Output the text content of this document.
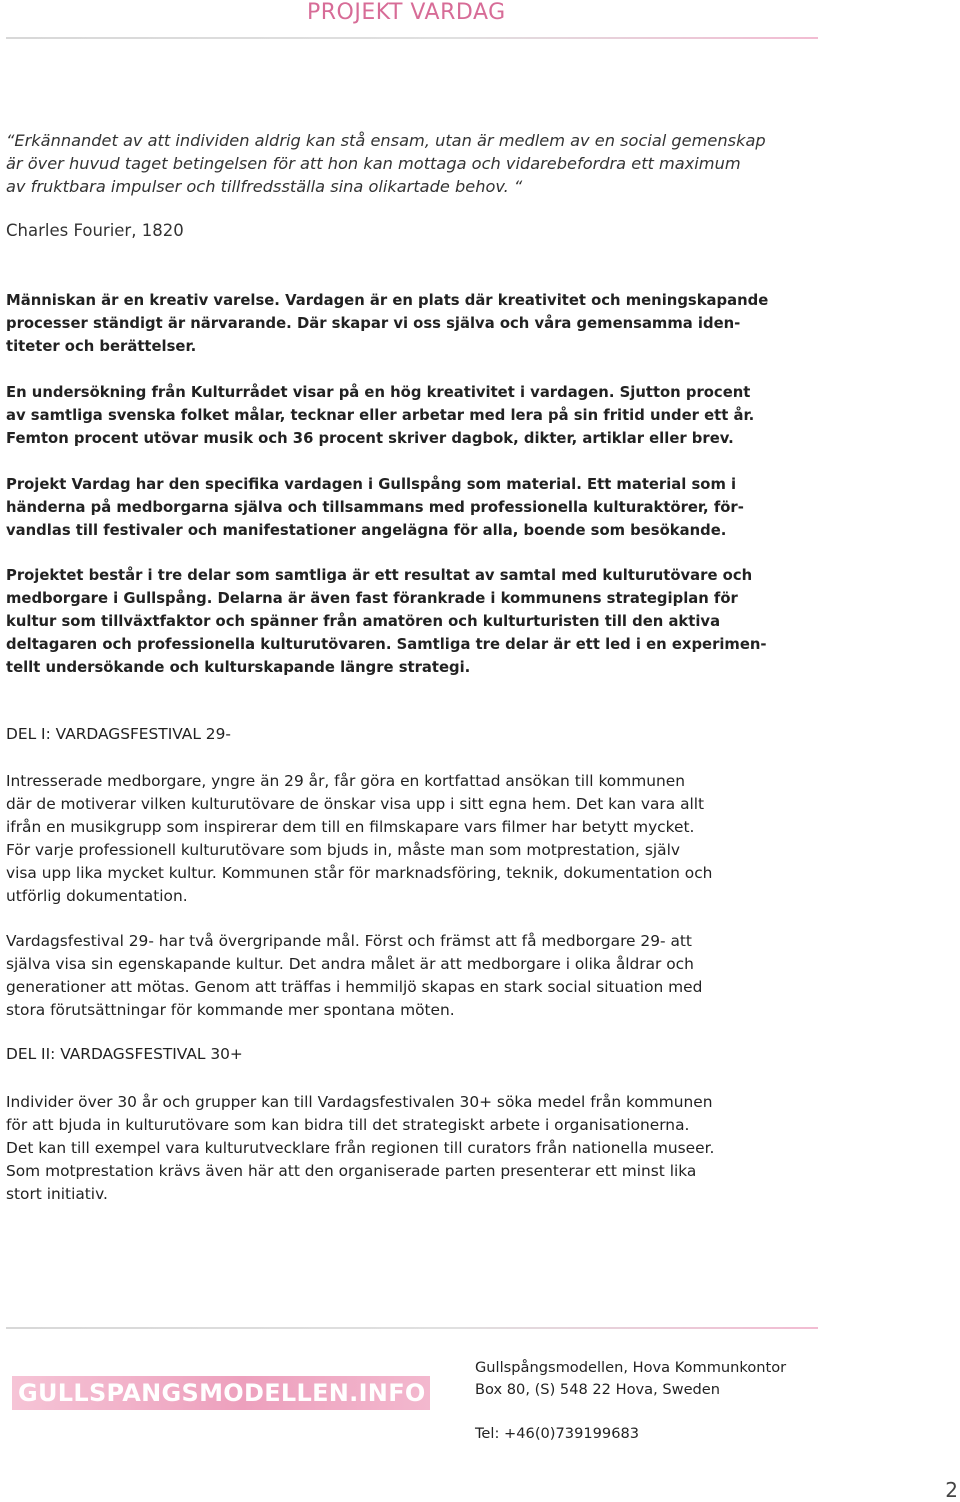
PROJEKT VARDAG
“Erkännandet av att individen aldrig kan stå ensam, utan är medlem av en social gemenskap
är över huvud taget betingelsen för att hon kan mottaga och vidarebefordra ett maximum
av fruktbara impulser och tillfredsställa sina olikartade behov. “
Charles Fourier, 1820
Människan är en kreativ varelse. Vardagen är en plats där kreativitet och meningskapande
processer ständigt är närvarande. Där skapar vi oss själva och våra gemensamma iden-
titeter och berättelser.
En undersökning från Kulturrådet visar på en hög kreativitet i vardagen. Sjutton procent
av samtliga svenska folket målar, tecknar eller arbetar med lera på sin fritid under ett år.
Femton procent utövar musik och 36 procent skriver dagbok, dikter, artiklar eller brev.
Projekt Vardag har den specifika vardagen i Gullspång som material. Ett material som i
händerna på medborgarna själva och tillsammans med professionella kulturaktörer, för-
vandlas till festivaler och manifestationer angelägna för alla, boende som besökande.
Projektet består i tre delar som samtliga är ett resultat av samtal med kulturutövare och
medborgare i Gullspång. Delarna är även fast förankrade i kommunens strategiplan för
kultur som tillväxtfaktor och spänner från amatören och kulturturisten till den aktiva
deltagaren och professionella kulturutövaren. Samtliga tre delar är ett led i en experimen-
tellt undersökande och kulturskapande längre strategi.
DEL I: VARDAGSFESTIVAL 29-
Intresserade medborgare, yngre än 29 år, får göra en kortfattad ansökan till kommunen
där de motiverar vilken kulturutövare de önskar visa upp i sitt egna hem. Det kan vara allt
ifrån en musikgrupp som inspirerar dem till en filmskapare vars filmer har betytt mycket.
För varje professionell kulturutövare som bjuds in, måste man som motprestation, själv
visa upp lika mycket kultur. Kommunen står för marknadsföring, teknik, dokumentation och
utförlig dokumentation.
Vardagsfestival 29- har två övergripande mål. Först och främst att få medborgare 29- att
själva visa sin egenskapande kultur. Det andra målet är att medborgare i olika åldrar och
generationer att mötas. Genom att träffas i hemmiljö skapas en stark social situation med
stora förutsättningar för kommande mer spontana möten.
DEL II: VARDAGSFESTIVAL 30+
Individer över 30 år och grupper kan till Vardagsfestivalen 30+ söka medel från kommunen
för att bjuda in kulturutövare som kan bidra till det strategiskt arbete i organisationerna.
Det kan till exempel vara kulturutvecklare från regionen till curators från nationella museer.
Som motprestation krävs även här att den organiserade parten presenterar ett minst lika
stort initiativ.
GULLSPANGSMODELLEN.INFO
Gullspångsmodellen, Hova Kommunkontor
Box 80, (S) 548 22 Hova, Sweden
Tel: +46(0)739199683
2
